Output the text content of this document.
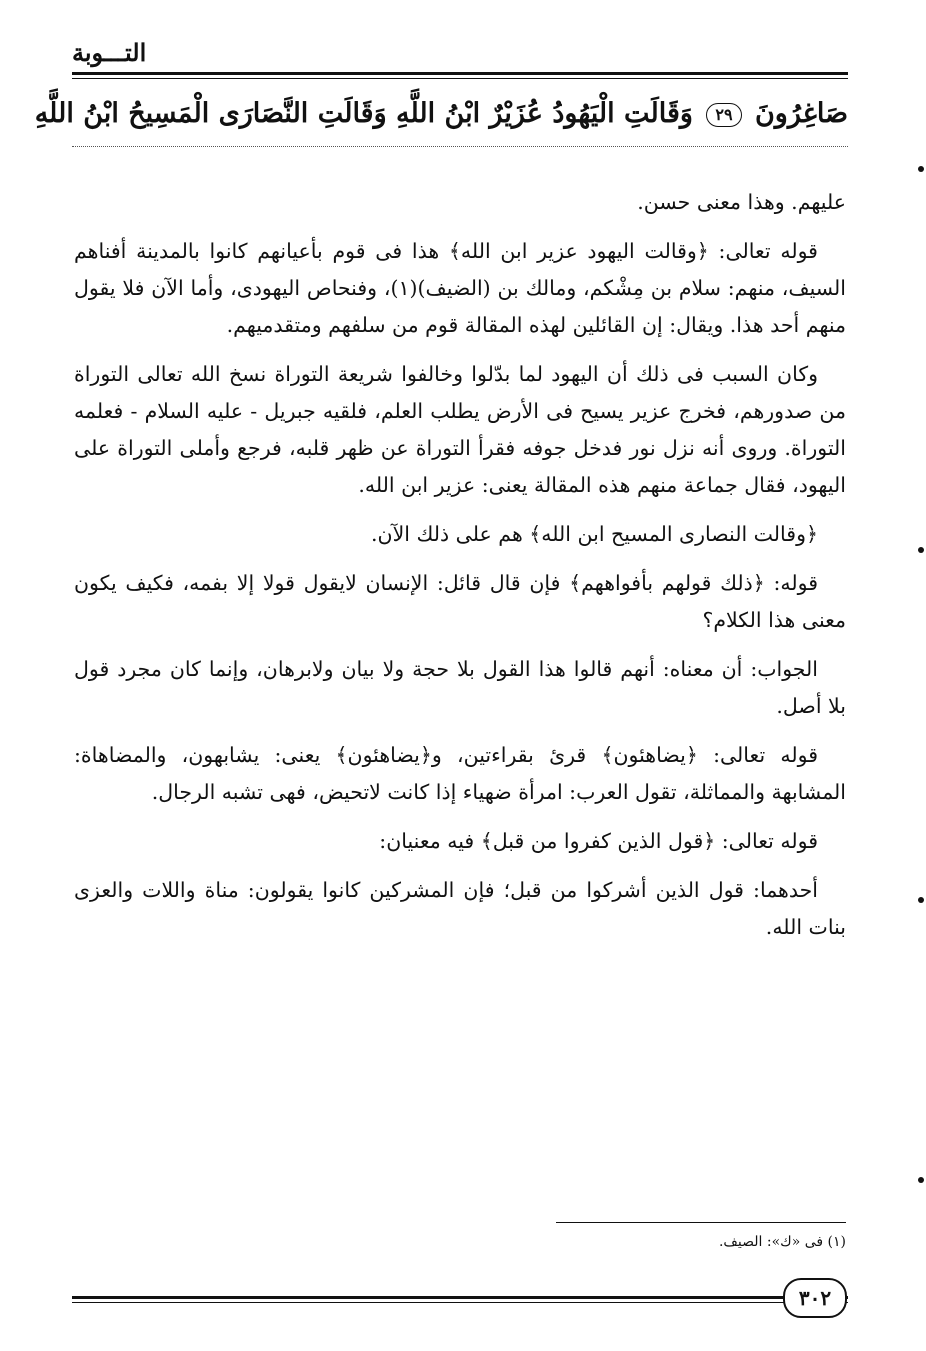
التـــوبة
صَاغِرُونَ ٢٩ وَقَالَتِ الْيَهُودُ عُزَيْرٌ ابْنُ اللَّهِ وَقَالَتِ النَّصَارَى الْمَسِيحُ ابْنُ اللَّهِ

عليهم. وهذا معنى حسن.

قوله تعالى: ﴿وقالت اليهود عزير ابن الله﴾ هذا فى قوم بأعيانهم كانوا بالمدينة أفناهم السيف، منهم: سلام بن مِشْكم، ومالك بن (الضيف)(١)، وفنحاص اليهودى، وأما الآن فلا يقول منهم أحد هذا. ويقال: إن القائلين لهذه المقالة قوم من سلفهم ومتقدميهم.

وكان السبب فى ذلك أن اليهود لما بدّلوا وخالفوا شريعة التوراة نسخ الله تعالى التوراة من صدورهم، فخرج عزير يسيح فى الأرض يطلب العلم، فلقيه جبريل - عليه السلام - فعلمه التوراة. وروى أنه نزل نور فدخل جوفه فقرأ التوراة عن ظهر قلبه، فرجع وأملى التوراة على اليهود، فقال جماعة منهم هذه المقالة يعنى: عزير ابن الله.

﴿وقالت النصارى المسيح ابن الله﴾ هم على ذلك الآن.

قوله: ﴿ذلك قولهم بأفواههم﴾ فإن قال قائل: الإنسان لايقول قولا إلا بفمه، فكيف يكون معنى هذا الكلام؟

الجواب: أن معناه: أنهم قالوا هذا القول بلا حجة ولا بيان ولابرهان، وإنما كان مجرد قول بلا أصل.

قوله تعالى: ﴿يضاهئون﴾ قرئ بقراءتين، و﴿يضاهئون﴾ يعنى: يشابهون، والمضاهاة: المشابهة والمماثلة، تقول العرب: امرأة ضهياء إذا كانت لاتحيض، فهى تشبه الرجال.

قوله تعالى: ﴿قول الذين كفروا من قبل﴾ فيه معنيان:

أحدهما: قول الذين أشركوا من قبل؛ فإن المشركين كانوا يقولون: مناة واللات والعزى بنات الله.

(١) فى «ك»: الصيف.
٣٠٢
